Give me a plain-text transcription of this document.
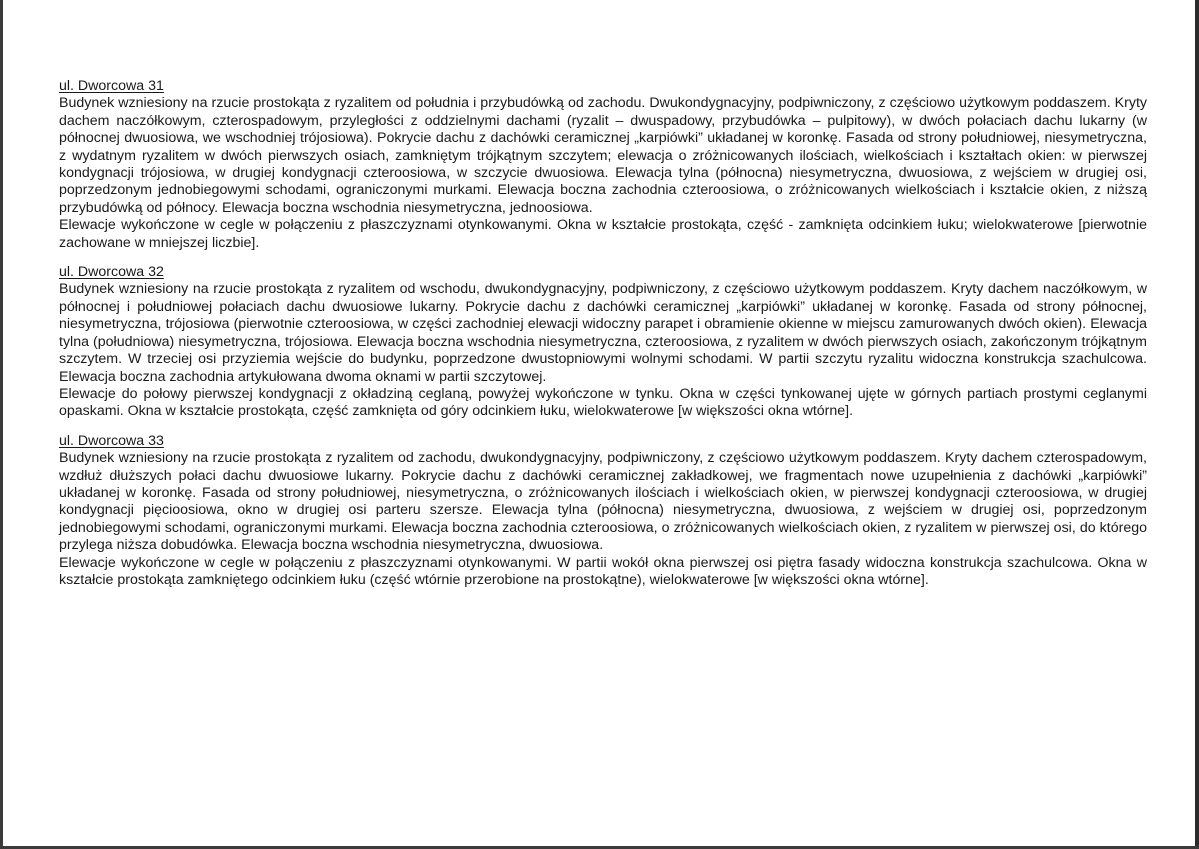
ul. Dworcowa 31

Budynek wzniesiony na rzucie prostokąta z ryzalitem od południa i przybudówką od zachodu. Dwukondygnacyjny, podpiwniczony, z częściowo użytkowym poddaszem. Kryty dachem naczółkowym, czterospadowym, przyległości z oddzielnymi dachami (ryzalit – dwuspadowy, przybudówka – pulpitowy), w dwóch połaciach dachu lukarny (w północnej dwuosiowa, we wschodniej trójosiowa). Pokrycie dachu z dachówki ceramicznej „karpiówki” układanej w koronkę. Fasada od strony południowej, niesymetryczna, z wydatnym ryzalitem w dwóch pierwszych osiach, zamkniętym trójkątnym szczytem; elewacja o zróżnicowanych ilościach, wielkościach i kształtach okien: w pierwszej kondygnacji trójosiowa, w drugiej kondygnacji czteroosiowa, w szczycie dwuosiowa. Elewacja tylna (północna) niesymetryczna, dwuosiowa, z wejściem w drugiej osi, poprzedzonym jednobiegowymi schodami, ograniczonymi murkami. Elewacja boczna zachodnia czteroosiowa, o zróżnicowanych wielkościach i kształcie okien, z niższą przybudówką od północy. Elewacja boczna wschodnia niesymetryczna, jednoosiowa.

Elewacje wykończone w cegle w połączeniu z płaszczyznami otynkowanymi. Okna w kształcie prostokąta, część - zamknięta odcinkiem łuku; wielokwaterowe [pierwotnie zachowane w mniejszej liczbie].

ul. Dworcowa 32

Budynek wzniesiony na rzucie prostokąta z ryzalitem od wschodu, dwukondygnacyjny, podpiwniczony, z częściowo użytkowym poddaszem. Kryty dachem naczółkowym, w północnej i południowej połaciach dachu dwuosiowe lukarny. Pokrycie dachu z dachówki ceramicznej „karpiówki” układanej w koronkę. Fasada od strony północnej, niesymetryczna, trójosiowa (pierwotnie czteroosiowa, w części zachodniej elewacji widoczny parapet i obramienie okienne w miejscu zamurowanych dwóch okien). Elewacja tylna (południowa) niesymetryczna, trójosiowa. Elewacja boczna wschodnia niesymetryczna, czteroosiowa, z ryzalitem w dwóch pierwszych osiach, zakończonym trójkątnym szczytem. W trzeciej osi przyziemia wejście do budynku, poprzedzone dwustopniowymi wolnymi schodami. W partii szczytu ryzalitu widoczna konstrukcja szachulcowa. Elewacja boczna zachodnia artykułowana dwoma oknami w partii szczytowej.

Elewacje do połowy pierwszej kondygnacji z okładziną ceglaną, powyżej wykończone w tynku. Okna w części tynkowanej ujęte w górnych partiach prostymi ceglanymi opaskami. Okna w kształcie prostokąta, część zamknięta od góry odcinkiem łuku, wielokwaterowe [w większości okna wtórne].

ul. Dworcowa 33

Budynek wzniesiony na rzucie prostokąta z ryzalitem od zachodu, dwukondygnacyjny, podpiwniczony, z częściowo użytkowym poddaszem. Kryty dachem czterospadowym, wzdłuż dłuższych połaci dachu dwuosiowe lukarny. Pokrycie dachu z dachówki ceramicznej zakładkowej, we fragmentach nowe uzupełnienia z dachówki „karpiówki” układanej w koronkę. Fasada od strony południowej, niesymetryczna, o zróżnicowanych ilościach i wielkościach okien, w pierwszej kondygnacji czteroosiowa, w drugiej kondygnacji pięcioosiowa, okno w drugiej osi parteru szersze. Elewacja tylna (północna) niesymetryczna, dwuosiowa, z wejściem w drugiej osi, poprzedzonym jednobiegowymi schodami, ograniczonymi murkami. Elewacja boczna zachodnia czteroosiowa, o zróżnicowanych wielkościach okien, z ryzalitem w pierwszej osi, do którego przylega niższa dobudówka. Elewacja boczna wschodnia niesymetryczna, dwuosiowa.

Elewacje wykończone w cegle w połączeniu z płaszczyznami otynkowanymi. W partii wokół okna pierwszej osi piętra fasady widoczna konstrukcja szachulcowa. Okna w kształcie prostokąta zamkniętego odcinkiem łuku (część wtórnie przerobione na prostokątne), wielokwaterowe [w większości okna wtórne].
